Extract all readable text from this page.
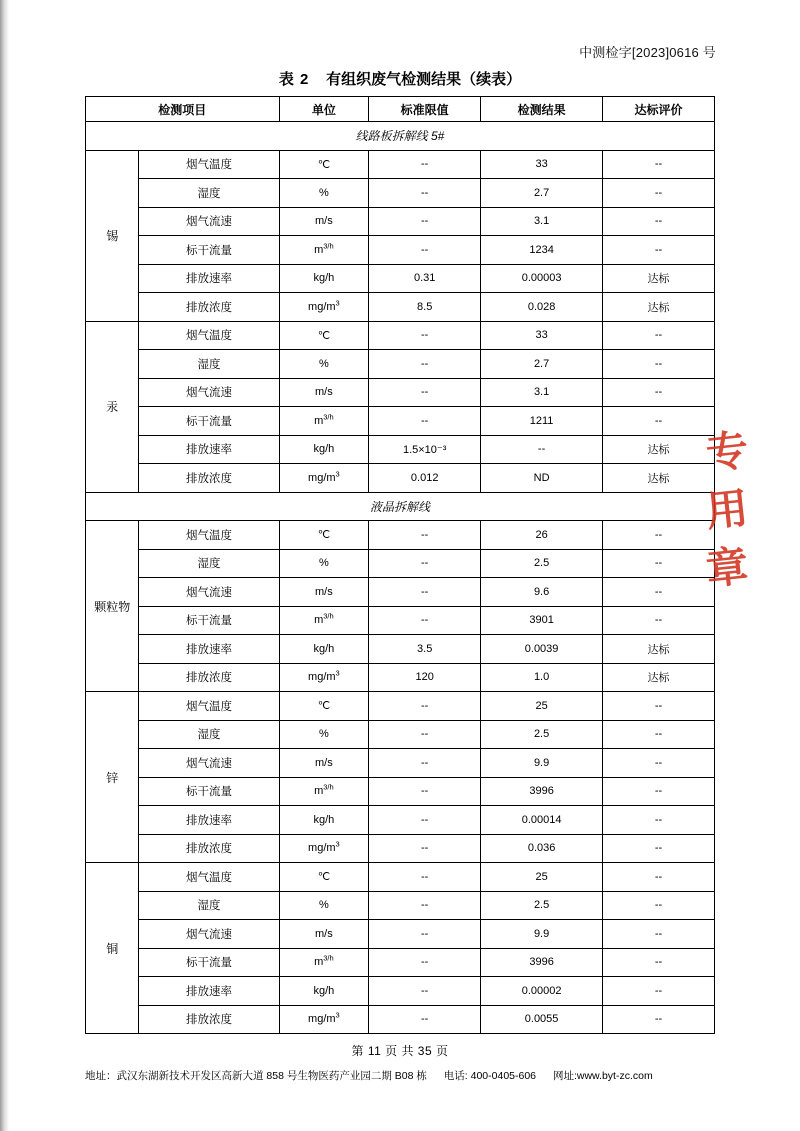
中测检字[2023]0616 号
表 2 有组织废气检测结果（续表）
检测项目		单位	标准限值	检测结果	达标评价
线路板拆解线 5#					
锡	烟气温度	℃	--	33	--
	湿度	%	--	2.7	--
	烟气流速	m/s	--	3.1	--
	标干流量	$m^{3/h}$	--	1234	--
	排放速率	kg/h	0.31	0.00003	达标
	排放浓度	$mg/m^3$	8.5	0.028	达标
汞	烟气温度	℃	--	33	--
	湿度	%	--	2.7	--
	烟气流速	m/s	--	3.1	--
	标干流量	$m^{3/h}$	--	1211	--
	排放速率	kg/h	1.5×10⁻³	--	达标
	排放浓度	$mg/m^3$	0.012	ND	达标
液晶拆解线					
颗粒物	烟气温度	℃	--	26	--
	湿度	%	--	2.5	--
	烟气流速	m/s	--	9.6	--
	标干流量	$m^{3/h}$	--	3901	--
	排放速率	kg/h	3.5	0.0039	达标
	排放浓度	$mg/m^3$	120	1.0	达标
锌	烟气温度	℃	--	25	--
	湿度	%	--	2.5	--
	烟气流速	m/s	--	9.9	--
	标干流量	$m^{3/h}$	--	3996	--
	排放速率	kg/h	--	0.00014	--
	排放浓度	$mg/m^3$	--	0.036	--
铜	烟气温度	℃	--	25	--
	湿度	%	--	2.5	--
	烟气流速	m/s	--	9.9	--
	标干流量	$m^{3/h}$	--	3996	--
	排放速率	kg/h	--	0.00002	--
	排放浓度	$mg/m^3$	--	0.0055	--
专
用
章
第 11 页 共 35 页
地址：武汉东湖新技术开发区高新大道 858 号生物医药产业园二期 B08 栋 电话: 400-0405-606 网址:www.byt-zc.com
